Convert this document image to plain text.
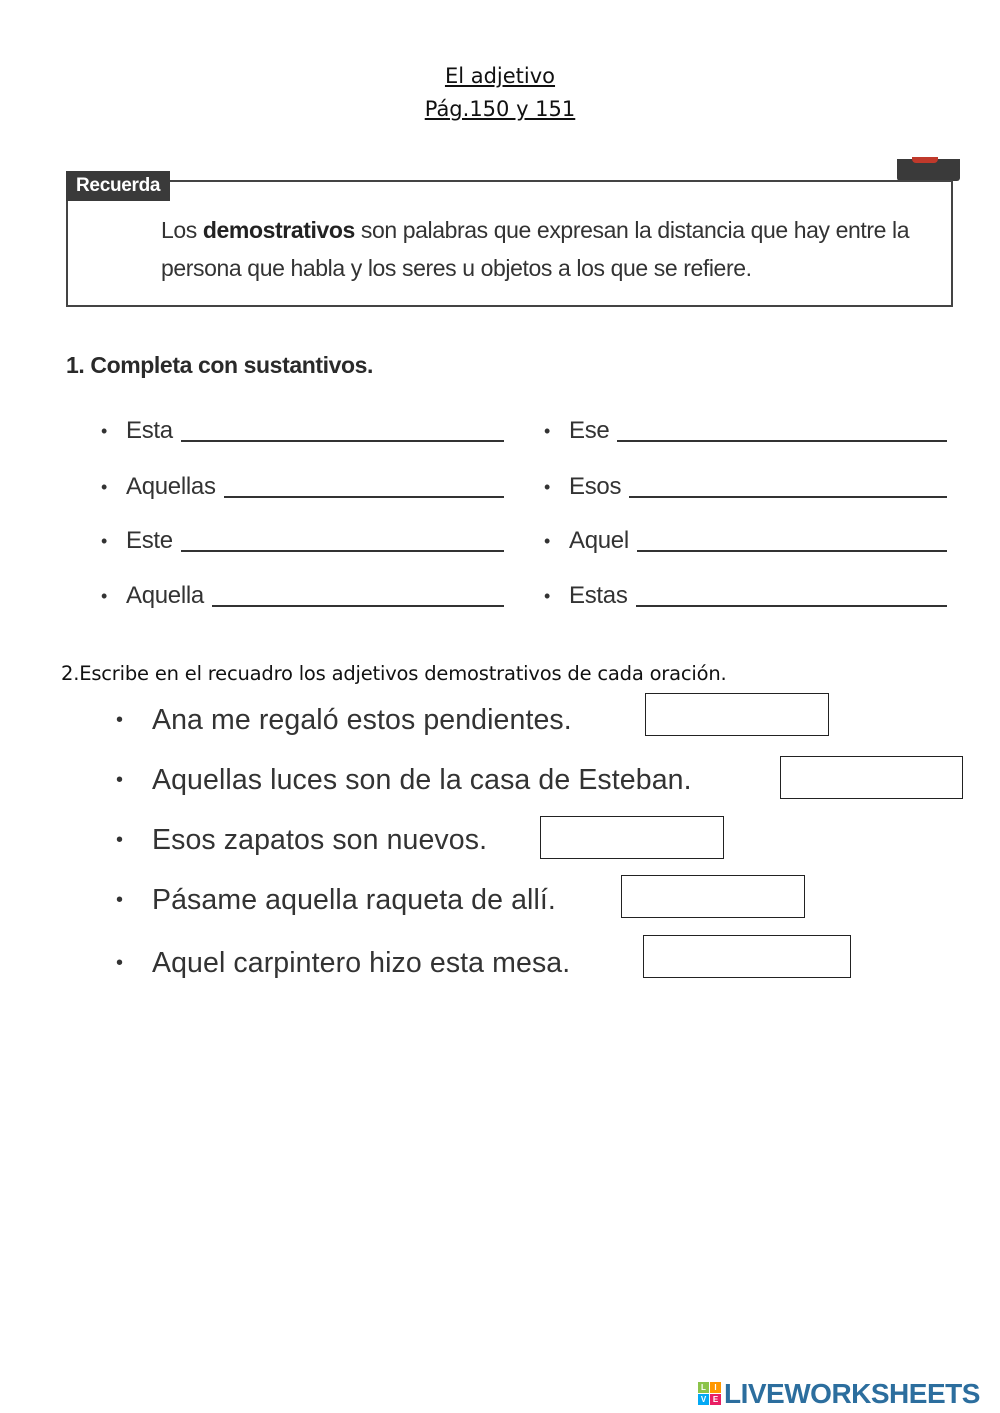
El adjetivo
Pág.150 y 151
Recuerda
Los demostrativos son palabras que expresan la distancia que hay entre la persona que habla y los seres u objetos a los que se refiere.
1. Completa con sustantivos.
• Esta
• Aquellas
• Este
• Aquella
• Ese
• Esos
• Aquel
• Estas
2.Escribe en el recuadro los adjetivos demostrativos de cada oración.
•	Ana me regaló estos pendientes.
•	Aquellas luces son de la casa de Esteban.
•	Esos zapatos son nuevos.
•	Pásame aquella raqueta de allí.
•	Aquel carpintero hizo esta mesa.
L	I
V E LIVEWORKSHEETS
